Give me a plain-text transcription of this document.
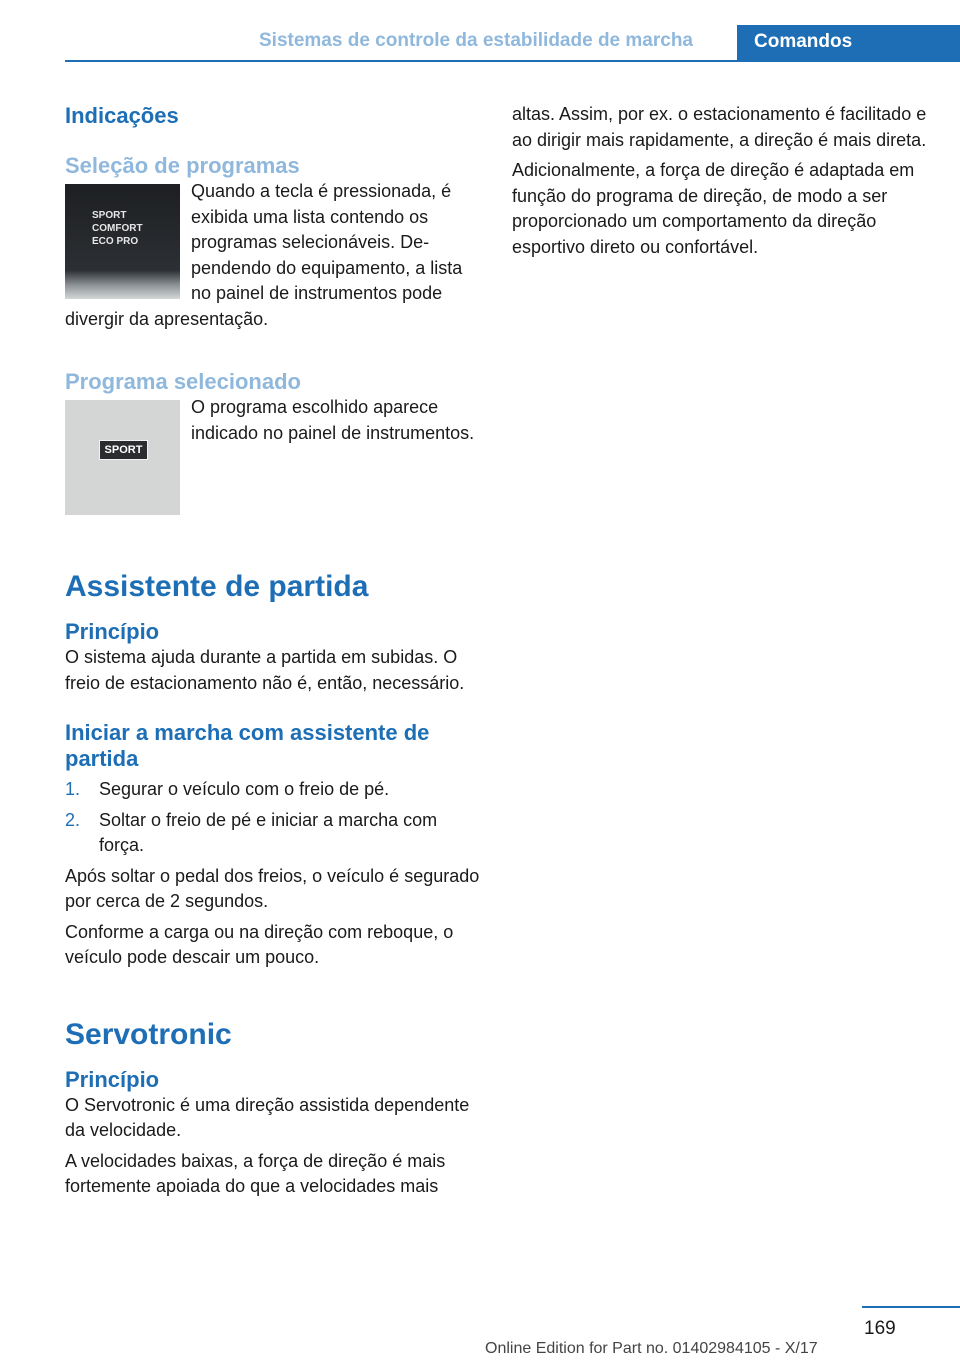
Sistemas de controle da estabilidade de marcha	Comandos
Indicações
Seleção de programas
SPORT
COMFORT
ECO PRO

Quando a tecla é pressionada, é exibida uma lista contendo os programas selecionáveis. Dependendo do equipamento, a lista no painel de instrumentos pode divergir da apresentação.

Programa selecionado
SPORT

O programa escolhido aparece indicado no painel de instrumentos.

Assistente de partida
Princípio

O sistema ajuda durante a partida em subidas. O freio de estacionamento não é, então, necessário.

Iniciar a marcha com assistente de partida
1. Segurar o veículo com o freio de pé.
2. Soltar o freio de pé e iniciar a marcha com força.

Após soltar o pedal dos freios, o veículo é segurado por cerca de 2 segundos.

Conforme a carga ou na direção com reboque, o veículo pode descair um pouco.

Servotronic
Princípio

O Servotronic é uma direção assistida dependente da velocidade.

A velocidades baixas, a força de direção é mais fortemente apoiada do que a velocidades mais

altas. Assim, por ex. o estacionamento é facilitado e ao dirigir mais rapidamente, a direção é mais direta.

Adicionalmente, a força de direção é adaptada em função do programa de direção, de modo a ser proporcionado um comportamento da direção esportivo direto ou confortável.

169
Online Edition for Part no. 01402984105 - X/17
